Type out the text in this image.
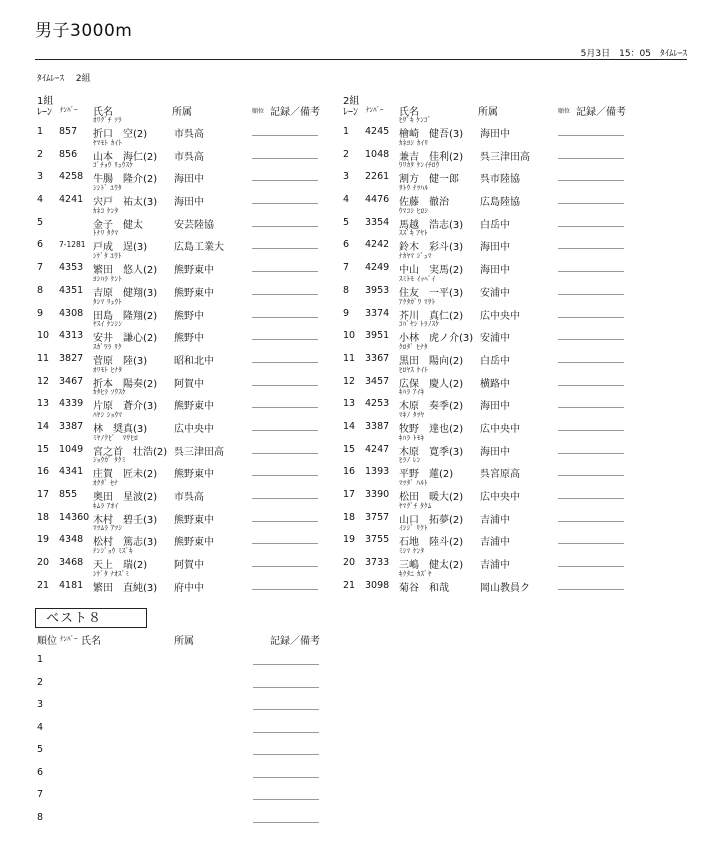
男子3000m
5月3日　15：05　ﾀｲﾑﾚｰｽ
ﾀｲﾑﾚｰｽ　 2組
1組
ﾚｰﾝ ﾅﾝﾊﾞｰ 氏名	所属	順位 記録／備考
ｵﾘｸﾞﾁ ｿﾗ
1 857 折口　空(2)	市呉高
ﾔﾏﾓﾄ ｶｲﾄ
2 856 山本　海仁(2) 市呉高
ｺﾞﾁｮｳ ﾘｭｳｽｹ
3 4258 牛腸　隆介(2) 海田中
ｼｼﾄﾞ ﾕｳﾀ
4 4241 宍戸　祐太(3) 海田中
ｶﾈｺ ｹﾝﾀ
5	金子　健太	安芸陸協
ﾄﾅﾘ ﾀｸﾏ
6 7-1281 戸成　逞(3)	広島工業大
ｼｹﾞﾀ ﾕｳﾄ
7 4353 繁田　悠人(2) 熊野東中
ﾖｼﾊﾗ ｹﾝﾄ
8 4351 吉原　健翔(3) 熊野東中
ﾀｼﾏ ﾘｭｳﾄ
9 4308 田島　隆翔(2) 熊野中
ﾔｽｲ ｹﾝｼﾝ
10 4313 安井　謙心(2) 熊野中
ｽｶﾞﾜﾗ ﾘｸ
11 3827 菅原　陸(3)	昭和北中
ｵﾘﾓﾄ ﾋﾅﾀ
12 3467 折本　陽奏(2) 阿賀中
ｶﾀﾋﾗ ｿｳｽｹ
13 4339 片原　蒼介(3) 熊野東中
ﾊﾔｼ ｼｮｳﾏ
14 3387 林　奨真(3)	広中央中
ﾐﾔﾉｸﾋﾞ　ﾏｻﾋﾛ
15 1049 宮之首　壮浩(2) 呉三津田高
ｼｮｳｶﾞ ﾀｸﾐ
16 4341 庄賀　匠未(2) 熊野東中
ｵｸﾀﾞ ｾﾅ
17 855 奥田　星波(2) 市呉高
ｷﾑﾗ ｱｵｲ
18 14360 木村　碧壬(3) 熊野東中
ﾏﾂﾑﾗ ｱﾂｼ
19 4348 松村　篤志(3) 熊野東中
ﾃﾝｼﾞｮｳ ﾐｽﾞｷ
20 3468 天上　瑞(2)	阿賀中
ｼｹﾞﾀ ﾅｵｽﾞﾐ
21 4181 繁田　直純(3) 府中中
2組
ﾚｰﾝ ﾅﾝﾊﾞｰ 氏名	所属	順位 記録／備考
ﾋｻﾞｷ ｹﾝｺﾞ
1 4245 檜崎　健吾(3) 海田中
ｶﾈﾖｼ ｶｲﾘ
2 1048 兼吉　佳利(2) 呉三津田高
ﾜﾘｶﾀ ｹﾝｲﾁﾛｳ
3 2261 割方　健一郎 呉市陸協
ｻﾄｳ ﾃﾂﾊﾙ
4 4476 佐藤　徹治	広島陸協
ｳﾏｺｼ ﾋﾛｼ
5 3354 馬越　浩志(3) 白岳中
ｽｽﾞｷ ｱﾔﾄ
6 4242 鈴木　彩斗(3) 海田中
ﾅｶﾔﾏ ｼﾞｭﾏ
7 4249 中山　実馬(2) 海田中
ｽﾐﾄﾓ ｲｯﾍﾟｲ
8 3953 住友　一平(3) 安浦中
ｱｸﾀｶﾞﾜ ﾏｻﾄ
9 3374 芥川　真仁(2) 広中央中
ｺﾊﾞﾔｼ ﾄﾗﾉｽｹ
10 3951 小林　虎ノ介(3) 安浦中
ｸﾛﾀﾞ ﾋﾅﾀ
11 3367 黒田　陽向(2) 白岳中
ﾋﾛﾔｽ ｹｲﾄ
12 3457 広保　慶人(2) 横路中
ｷﾊﾗ ｱｲｷ
13 4253 木原　奏季(2) 海田中
ﾏｷﾉ ﾀﾂﾔ
14 3387 牧野　達也(2) 広中央中
ｷﾊﾗ ﾄﾓｷ
15 4247 木原　寛季(3) 海田中
ﾋﾗﾉ ﾚﾝ
16 1393 平野　蓮(2)	呉宮原高
ﾏﾂﾀﾞ ﾊﾙﾄ
17 3390 松田　暖大(2) 広中央中
ﾔﾏｸﾞﾁ ﾀｸﾑ
18 3757 山口　拓夢(2) 吉浦中
ｲｼｼﾞ ﾘｸﾄ
19 3755 石地　陸斗(2) 吉浦中
ﾐｼﾏ ｹﾝﾀ
20 3733 三嶋　健太(2) 吉浦中
ｷｸﾀﾆ ｶｽﾞﾔ
21 3098 菊谷　和哉	岡山教員ク
ベスト８
順位 ﾅﾝﾊﾞｰ 氏名	所属	記録／備考
1
2
3
4
5
6
7
8
